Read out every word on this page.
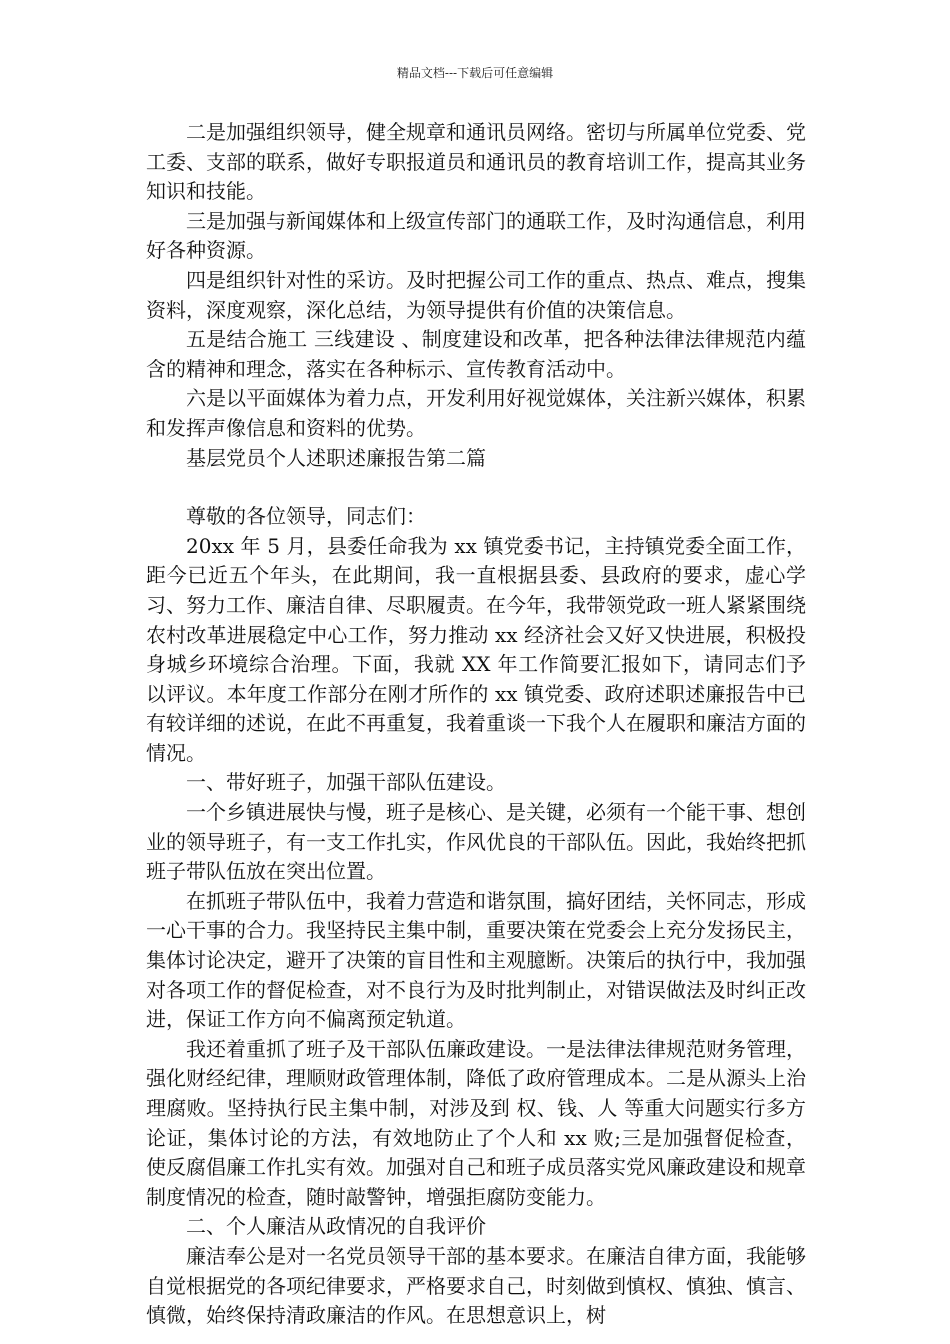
精品文档---下载后可任意编辑

二是加强组织领导，健全规章和通讯员网络。密切与所属单位党委、党工委、支部的联系，做好专职报道员和通讯员的教育培训工作，提高其业务知识和技能。

三是加强与新闻媒体和上级宣传部门的通联工作，及时沟通信息，利用好各种资源。

四是组织针对性的采访。及时把握公司工作的重点、热点、难点，搜集资料，深度观察，深化总结，为领导提供有价值的决策信息。

五是结合施工 三线建设 、制度建设和改革，把各种法律法律规范内蕴含的精神和理念，落实在各种标示、宣传教育活动中。

六是以平面媒体为着力点，开发利用好视觉媒体，关注新兴媒体，积累和发挥声像信息和资料的优势。

基层党员个人述职述廉报告第二篇

尊敬的各位领导，同志们：

20xx 年 5 月，县委任命我为 xx 镇党委书记，主持镇党委全面工作，距今已近五个年头，在此期间，我一直根据县委、县政府的要求，虚心学习、努力工作、廉洁自律、尽职履责。在今年，我带领党政一班人紧紧围绕农村改革进展稳定中心工作，努力推动 xx 经济社会又好又快进展，积极投身城乡环境综合治理。下面，我就 XX 年工作简要汇报如下，请同志们予以评议。本年度工作部分在刚才所作的 xx 镇党委、政府述职述廉报告中已有较详细的述说，在此不再重复，我着重谈一下我个人在履职和廉洁方面的情况。

一、带好班子，加强干部队伍建设。

一个乡镇进展快与慢，班子是核心、是关键，必须有一个能干事、想创业的领导班子，有一支工作扎实，作风优良的干部队伍。因此，我始终把抓班子带队伍放在突出位置。

在抓班子带队伍中，我着力营造和谐氛围，搞好团结，关怀同志，形成一心干事的合力。我坚持民主集中制，重要决策在党委会上充分发扬民主，集体讨论决定，避开了决策的盲目性和主观臆断。决策后的执行中，我加强对各项工作的督促检查，对不良行为及时批判制止，对错误做法及时纠正改进，保证工作方向不偏离预定轨道。

我还着重抓了班子及干部队伍廉政建设。一是法律法律规范财务管理，强化财经纪律，理顺财政管理体制，降低了政府管理成本。二是从源头上治理腐败。坚持执行民主集中制，对涉及到 权、钱、人 等重大问题实行多方论证，集体讨论的方法，有效地防止了个人和 xx 败;三是加强督促检查，使反腐倡廉工作扎实有效。加强对自己和班子成员落实党风廉政建设和规章制度情况的检查，随时敲警钟，增强拒腐防变能力。

二、个人廉洁从政情况的自我评价

廉洁奉公是对一名党员领导干部的基本要求。在廉洁自律方面，我能够自觉根据党的各项纪律要求，严格要求自己，时刻做到慎权、慎独、慎言、慎微，始终保持清政廉洁的作风。在思想意识上，树
